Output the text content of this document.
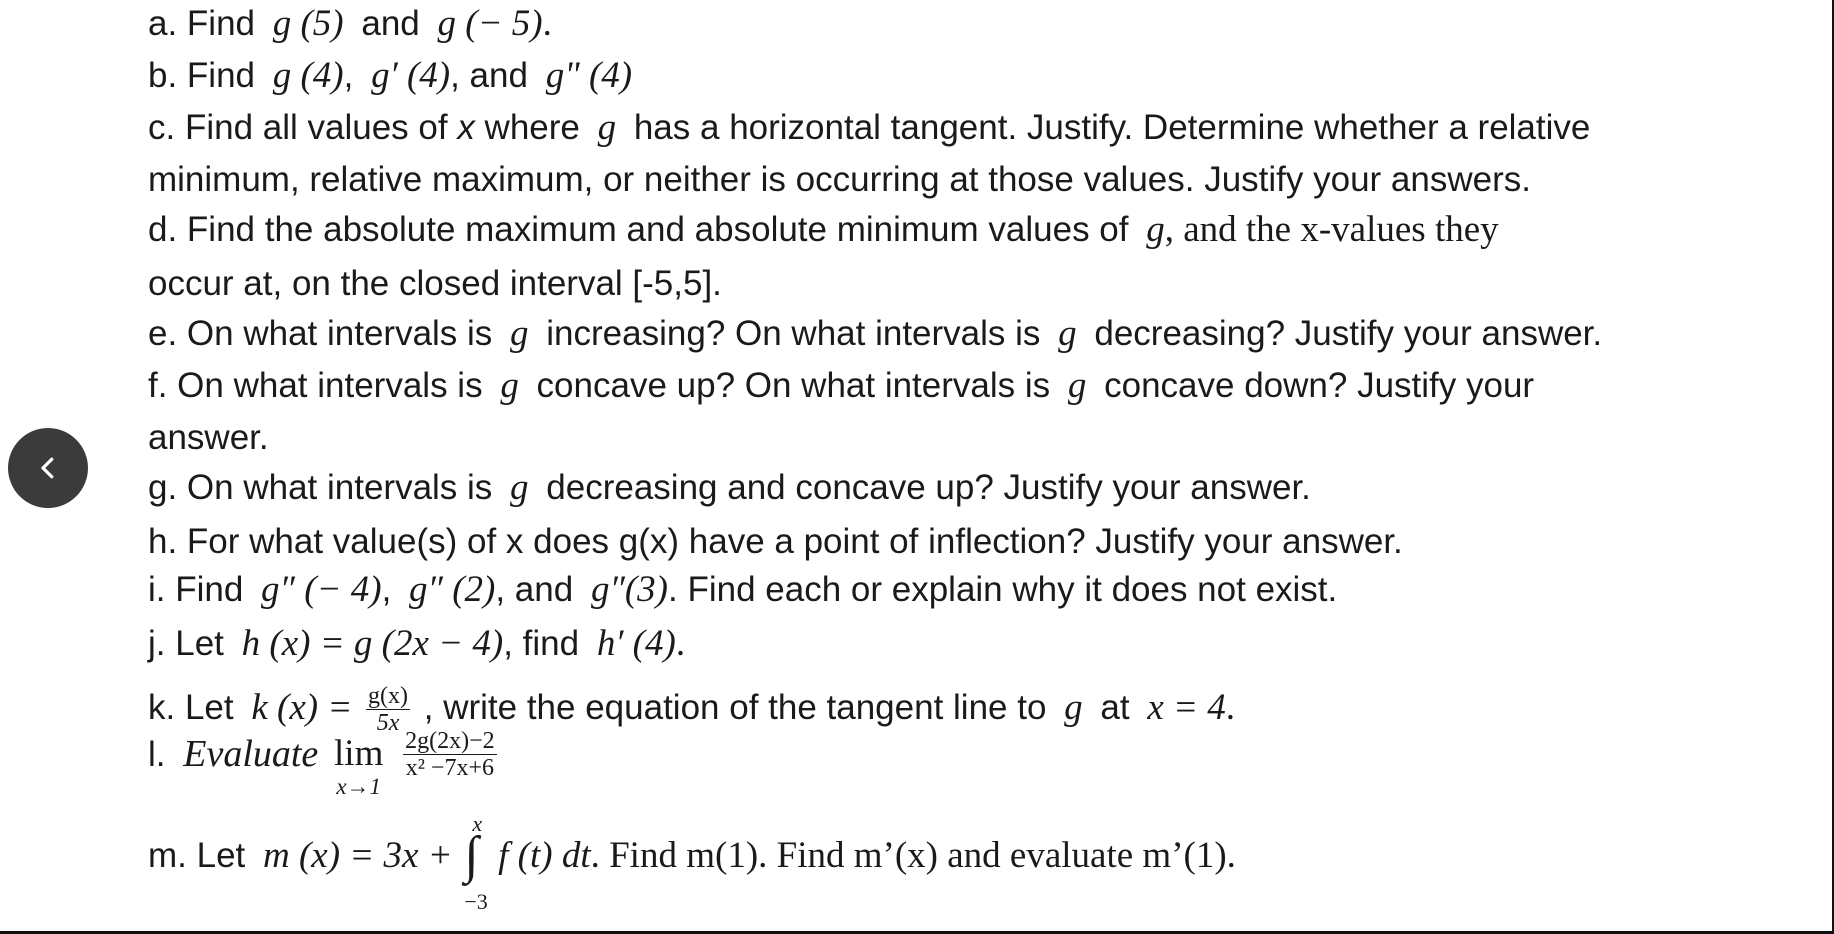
a. Find g (5) and g (− 5).
b. Find g (4), g′ (4), and g" (4)
c. Find all values of x where g has a horizontal tangent. Justify. Determine whether a relative
minimum, relative maximum, or neither is occurring at those values. Justify your answers.
d. Find the absolute maximum and absolute minimum values of g, and the x-values they
occur at, on the closed interval [-5,5].
e. On what intervals is g increasing? On what intervals is g decreasing? Justify your answer.
f. On what intervals is g concave up? On what intervals is g concave down? Justify your
answer.
g. On what intervals is g decreasing and concave up? Justify your answer.
h. For what value(s) of x does g(x) have a point of inflection? Justify your answer.
i. Find g″ (− 4), g″ (2), and g″(3). Find each or explain why it does not exist.
j. Let h (x) = g (2x − 4), find h′ (4).
k. Let k $(x) = \frac{g(x)}{5x}$ , write the equation of the tangent line to g at x = 4.
l. Evaluate lim
x→1

$\frac{2g(2x)-2}{\text{x² −7x+6}}$
m. Let m (x) = 3x + ∫
x
−3
f (t) dt. Find m(1). Find m’(x) and evaluate m’(1).
